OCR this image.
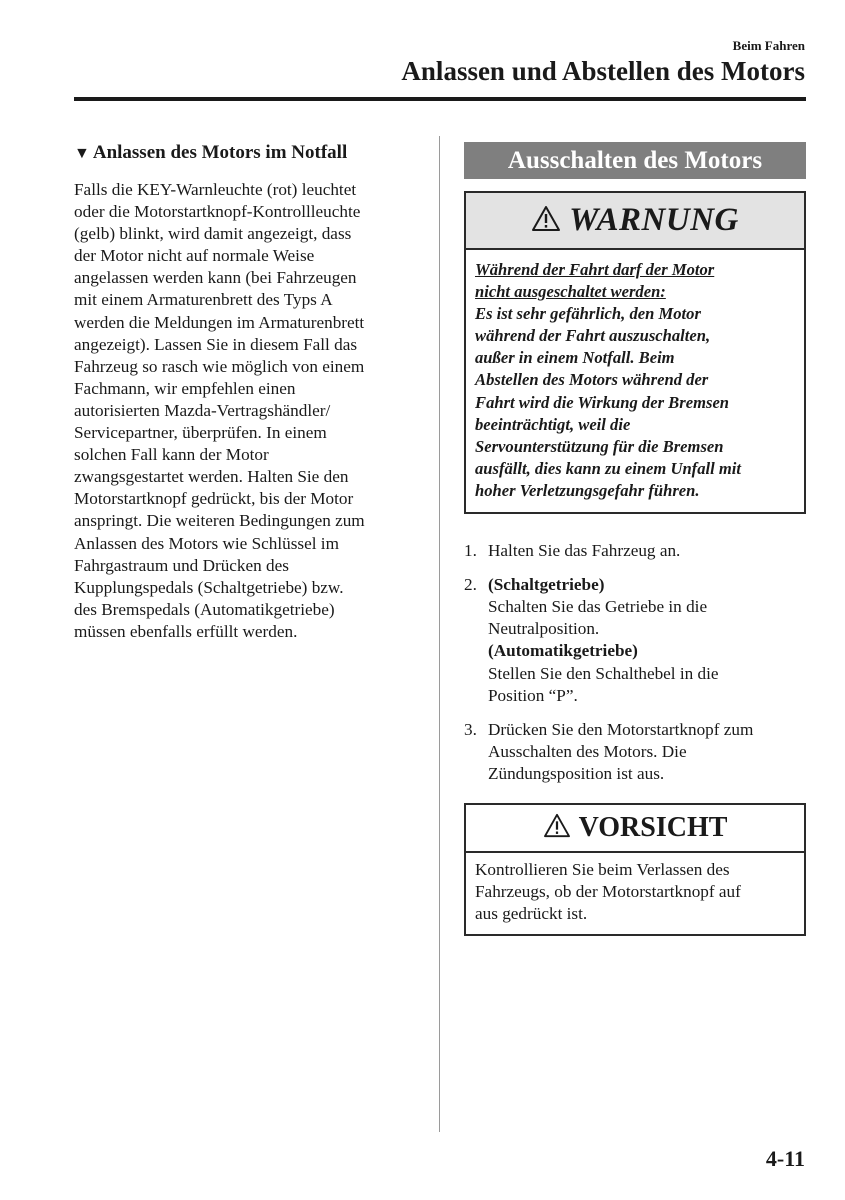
Beim Fahren
Anlassen und Abstellen des Motors
▼ Anlassen des Motors im Notfall

Falls die KEY-Warnleuchte (rot) leuchtet
oder die Motorstartknopf-Kontrollleuchte
(gelb) blinkt, wird damit angezeigt, dass
der Motor nicht auf normale Weise
angelassen werden kann (bei Fahrzeugen
mit einem Armaturenbrett des Typs A
werden die Meldungen im Armaturenbrett
angezeigt). Lassen Sie in diesem Fall das
Fahrzeug so rasch wie möglich von einem
Fachmann, wir empfehlen einen
autorisierten Mazda-Vertragshändler/
Servicepartner, überprüfen. In einem
solchen Fall kann der Motor
zwangsgestartet werden. Halten Sie den
Motorstartknopf gedrückt, bis der Motor
anspringt. Die weiteren Bedingungen zum
Anlassen des Motors wie Schlüssel im
Fahrgastraum und Drücken des
Kupplungspedals (Schaltgetriebe) bzw.
des Bremspedals (Automatikgetriebe)
müssen ebenfalls erfüllt werden.

Ausschalten des Motors
WARNUNG
Während der Fahrt darf der Motor
nicht ausgeschaltet werden:
Es ist sehr gefährlich, den Motor
während der Fahrt auszuschalten,
außer in einem Notfall. Beim
Abstellen des Motors während der
Fahrt wird die Wirkung der Bremsen
beeinträchtigt, weil die
Servounterstützung für die Bremsen
ausfällt, dies kann zu einem Unfall mit
hoher Verletzungsgefahr führen.
1. Halten Sie das Fahrzeug an.
2. (Schaltgetriebe)
Schalten Sie das Getriebe in die
Neutralposition.
(Automatikgetriebe)
Stellen Sie den Schalthebel in die
Position “P”.
3. Drücken Sie den Motorstartknopf zum
Ausschalten des Motors. Die
Zündungsposition ist aus.
VORSICHT
Kontrollieren Sie beim Verlassen des
Fahrzeugs, ob der Motorstartknopf auf
aus gedrückt ist.
4-11
